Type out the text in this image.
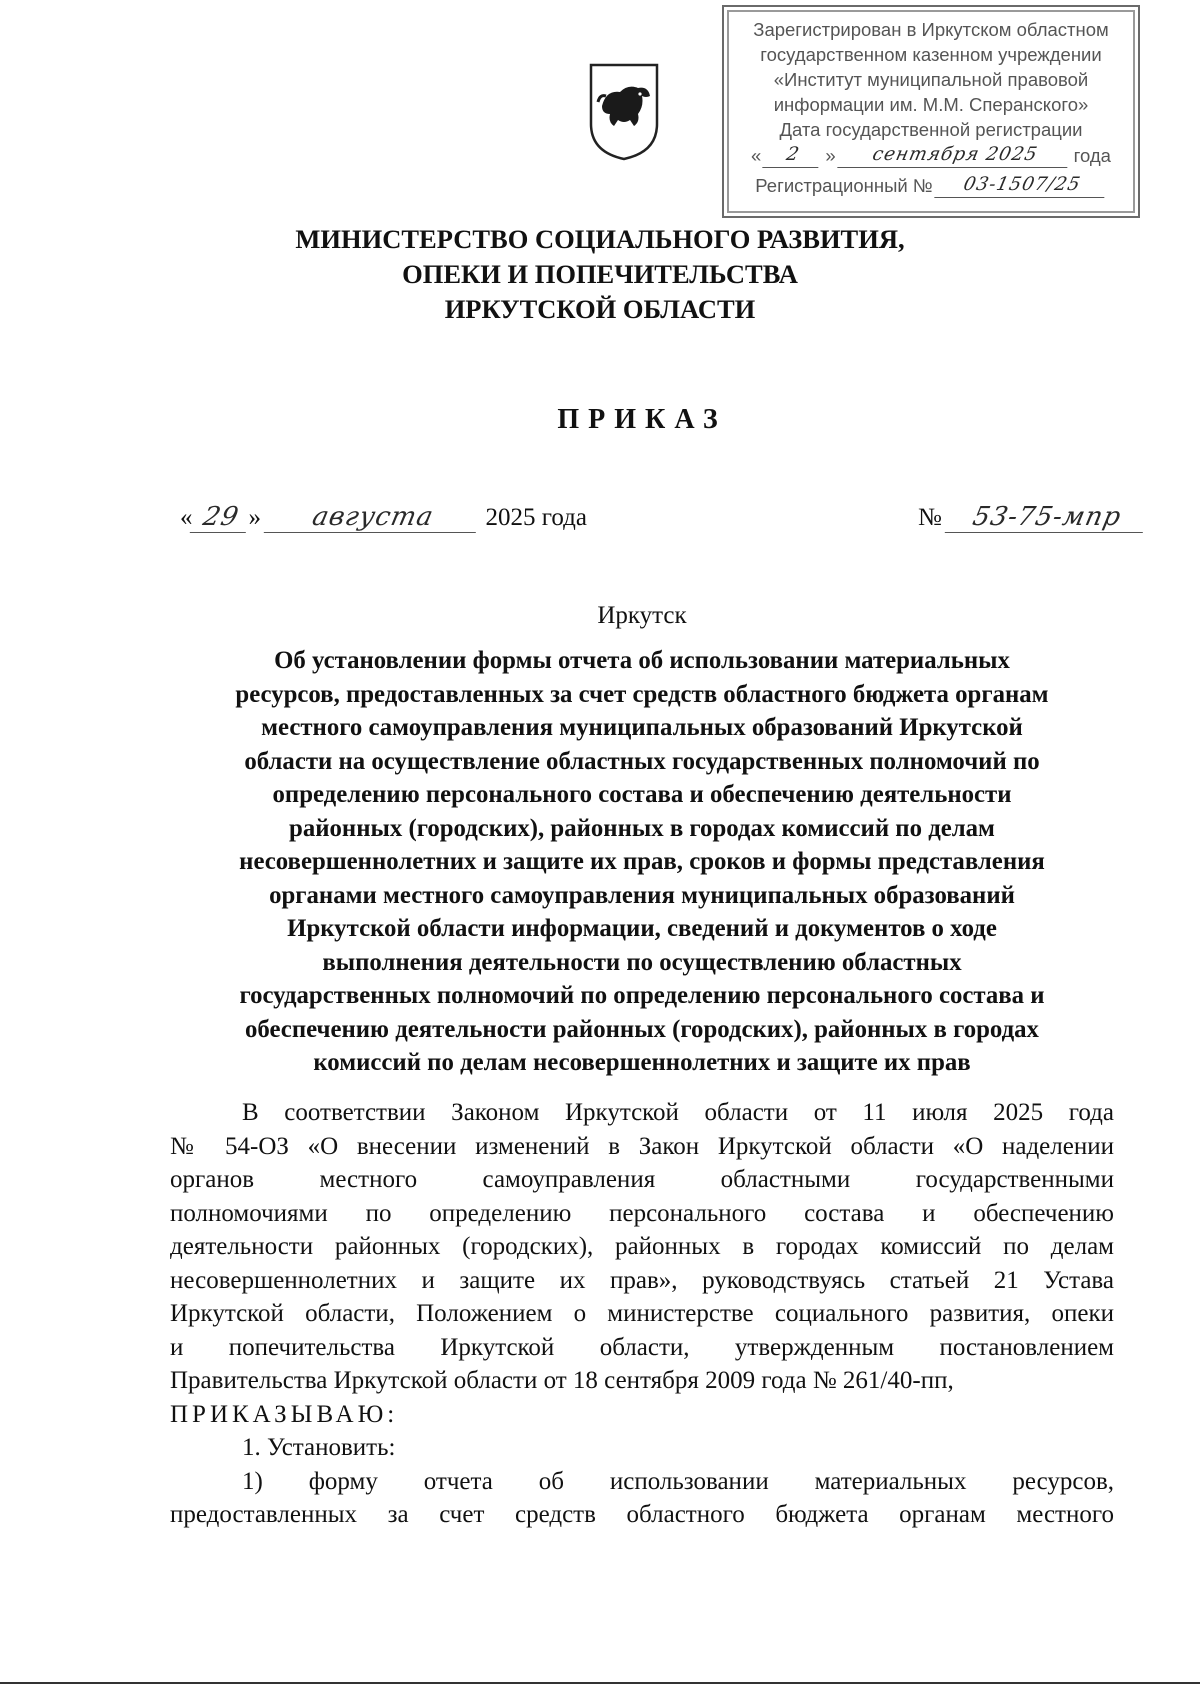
Зарегистрирован в Иркутском областном
государственном казенном учреждении
«Институт муниципальной правовой
информации им. М.М. Сперанского»
Дата государственной регистрации
«	2	»	сентября 2025	года
Регистрационный №	03-1507/25
МИНИСТЕРСТВО СОЦИАЛЬНОГО РАЗВИТИЯ,
ОПЕКИ И ПОПЕЧИТЕЛЬСТВА
ИРКУТСКОЙ ОБЛАСТИ
ПРИКАЗ
« 29 » августа 2025 года	№ 53-75-мпр
Иркутск
Об установлении формы отчета об использовании материальных
ресурсов, предоставленных за счет средств областного бюджета органам
местного самоуправления муниципальных образований Иркутской
области на осуществление областных государственных полномочий по
определению персонального состава и обеспечению деятельности
районных (городских), районных в городах комиссий по делам
несовершеннолетних и защите их прав, сроков и формы представления
органами местного самоуправления муниципальных образований
Иркутской области информации, сведений и документов о ходе
выполнения деятельности по осуществлению областных
государственных полномочий по определению персонального состава и
обеспечению деятельности районных (городских), районных в городах
комиссий по делам несовершеннолетних и защите их прав
В соответствии Законом Иркутской области от 11 июля 2025 года
№ 54-ОЗ «О внесении изменений в Закон Иркутской области «О наделении
органов местного самоуправления областными государственными
полномочиями по определению персонального состава и обеспечению
деятельности районных (городских), районных в городах комиссий по делам
несовершеннолетних и защите их прав», руководствуясь статьей 21 Устава
Иркутской области, Положением о министерстве социального развития, опеки
и попечительства Иркутской области, утвержденным постановлением
Правительства Иркутской области от 18 сентября 2009 года № 261/40-пп,
ПРИКАЗЫВАЮ:
1. Установить:
1) форму отчета об использовании материальных ресурсов,
предоставленных за счет средств областного бюджета органам местного
